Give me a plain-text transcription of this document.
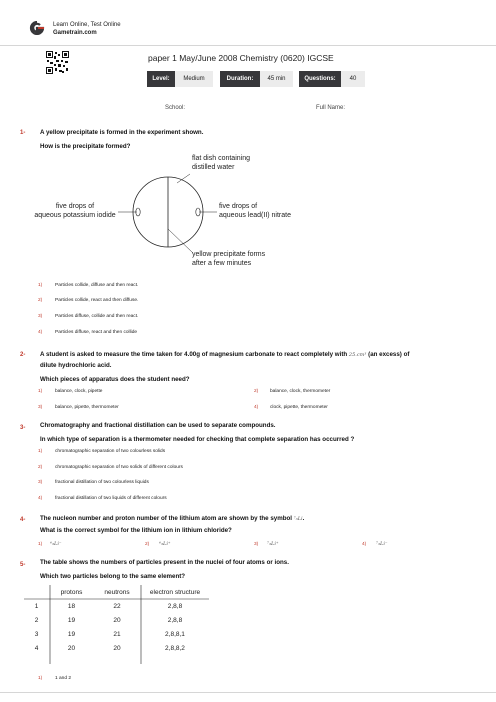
Learn Online, Test Online
Gametrain.com
paper 1 May/June 2008 Chemistry (0620) IGCSE
Level:	Medium	Duration:	45 min	Questions:	40
School:	Full Name:
1- A yellow precipitate is formed in the experiment shown.
How is the precipitate formed?
flat dish containing
distilled water
five drops of
aqueous potassium iodide
five drops of
aqueous lead(II) nitrate
yellow precipitate forms
after a few minutes
1)	Particles collide, diffuse and then react.
2)	Particles collide, react and then diffuse.
3)	Particles diffuse, collide and then react.
4)	Particles diffuse, react and then collide
2- A student is asked to measure the time taken for 4.00g of magnesium carbonate to react completely with 25.cm³ (an excess) of
dilute hydrochloric acid.
Which pieces of apparatus does the student need?
1)	balance, clock, pipette	2) balance, clock, thermometer
3)	balance, pipette, thermometer	4) clock, pipette, thermometer
3- Chromatography and fractional distillation can be used to separate compounds.
In which type of separation is a thermometer needed for checking that complete separation has occurred ?
1)	chromatographic separation of two colourless solids
2)	chromatographic separation of two solids of different colours
3)	fractional distillation of two colourless liquids
4)	fractional distillation of two liquids of different colours
4- The nucleon number and proton number of the lithium atom are shown by the symbol ⁷₃Li.
What is the correct symbol for the lithium ion in lithium chloride?
1) ⁶₃Li⁻	2) ⁶₃Li⁺	3) ⁷₃Li⁺	4) ⁷₃Li⁻
5- The table shows the numbers of particles present in the nuclei of four atoms or ions.
Which two particles belong to the same element?
	protons	neutrons	electron structure
1	18	22	2,8,8
2	19	20	2,8,8
3	19	21	2,8,8,1
4	20	20	2,8,8,2
1)	1 and 2
